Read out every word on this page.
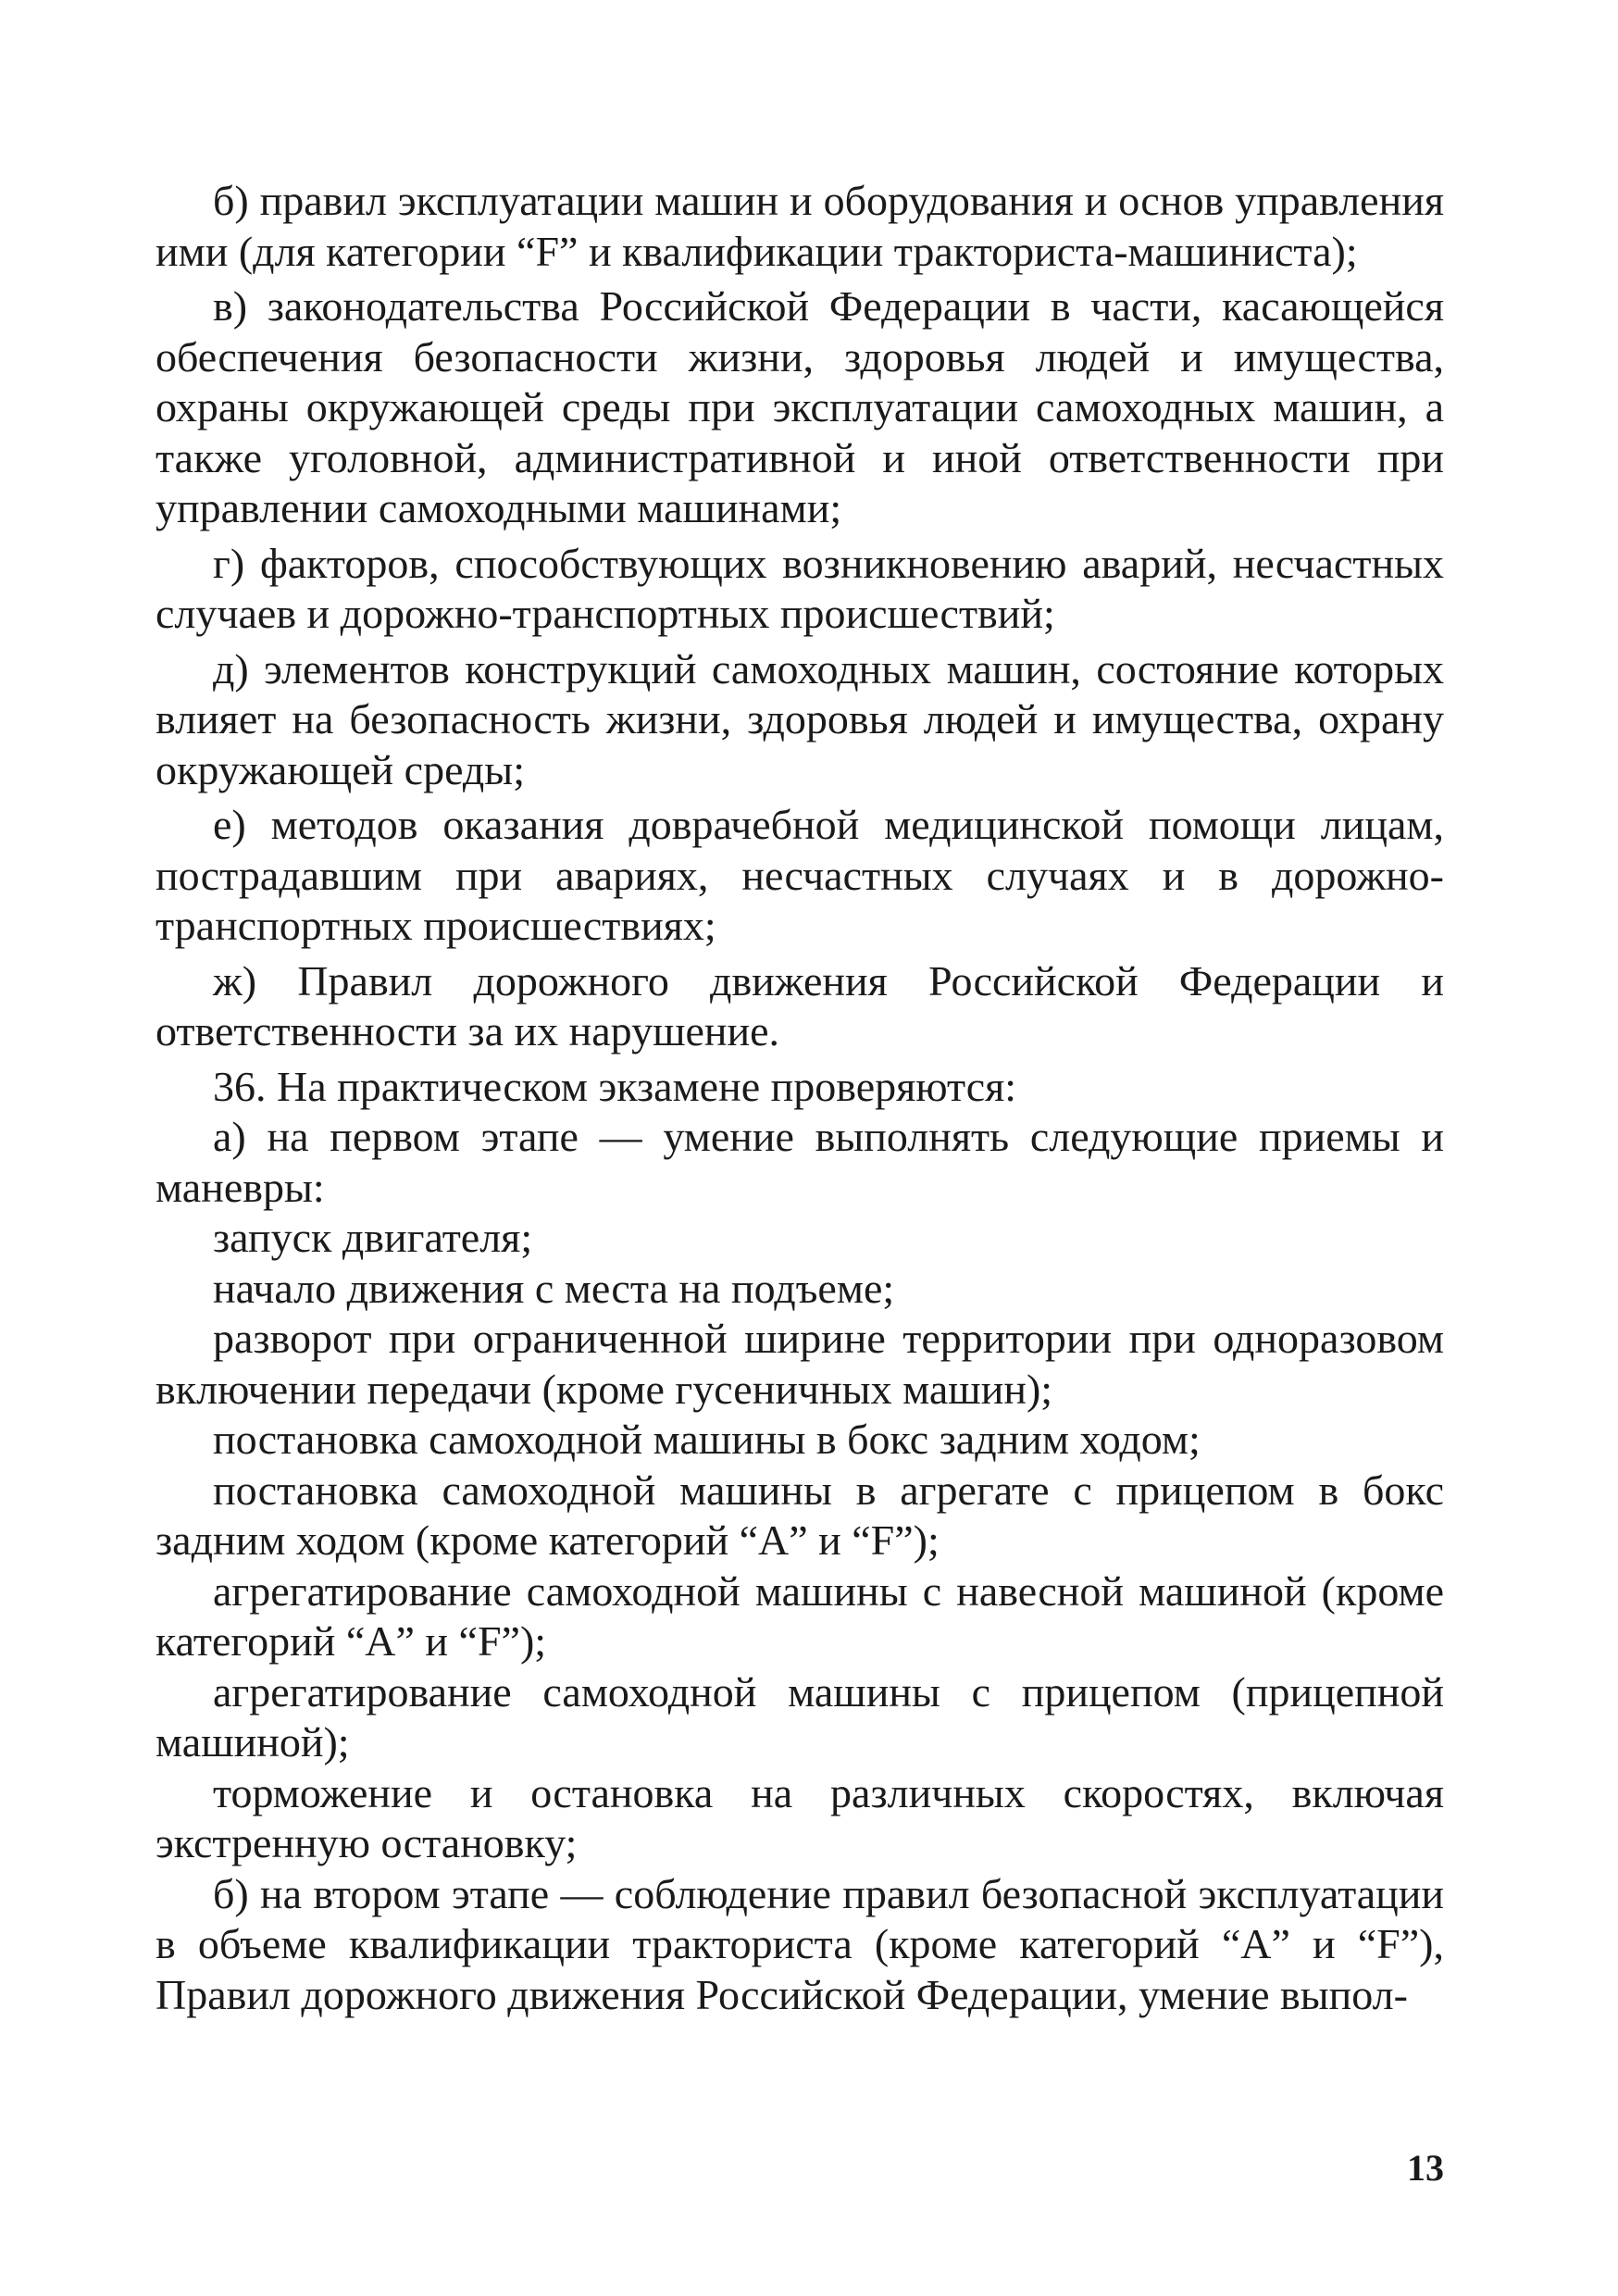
б) правил эксплуатации машин и оборудования и основ управления ими (для категории “F” и квалификации тракториста-машиниста);

в) законодательства Российской Федерации в части, касающейся обеспечения безопасности жизни, здоровья людей и имущества, охраны окружающей среды при эксплуатации самоходных машин, а также уголовной, административной и иной ответственности при управлении самоходными машинами;

г) факторов, способствующих возникновению аварий, несчастных случаев и дорожно-транспортных происшествий;

д) элементов конструкций самоходных машин, состояние которых влияет на безопасность жизни, здоровья людей и имущества, охрану окружающей среды;

е) методов оказания доврачебной медицинской помощи лицам, пострадавшим при авариях, несчастных случаях и в дорожно-транспортных происшествиях;

ж) Правил дорожного движения Российской Федерации и ответственности за их нарушение.

36. На практическом экзамене проверяются:

а) на первом этапе — умение выполнять следующие приемы и маневры:

запуск двигателя;

начало движения с места на подъеме;

разворот при ограниченной ширине территории при одноразовом включении передачи (кроме гусеничных машин);

постановка самоходной машины в бокс задним ходом;

постановка самоходной машины в агрегате с прицепом в бокс задним ходом (кроме категорий “А” и “F”);

агрегатирование самоходной машины с навесной машиной (кроме категорий “А” и “F”);

агрегатирование самоходной машины с прицепом (прицепной машиной);

торможение и остановка на различных скоростях, включая экстренную остановку;

б) на втором этапе — соблюдение правил безопасной эксплуатации в объеме квалификации тракториста (кроме категорий “А” и “F”), Правил дорожного движения Российской Федерации, умение выпол-

13
